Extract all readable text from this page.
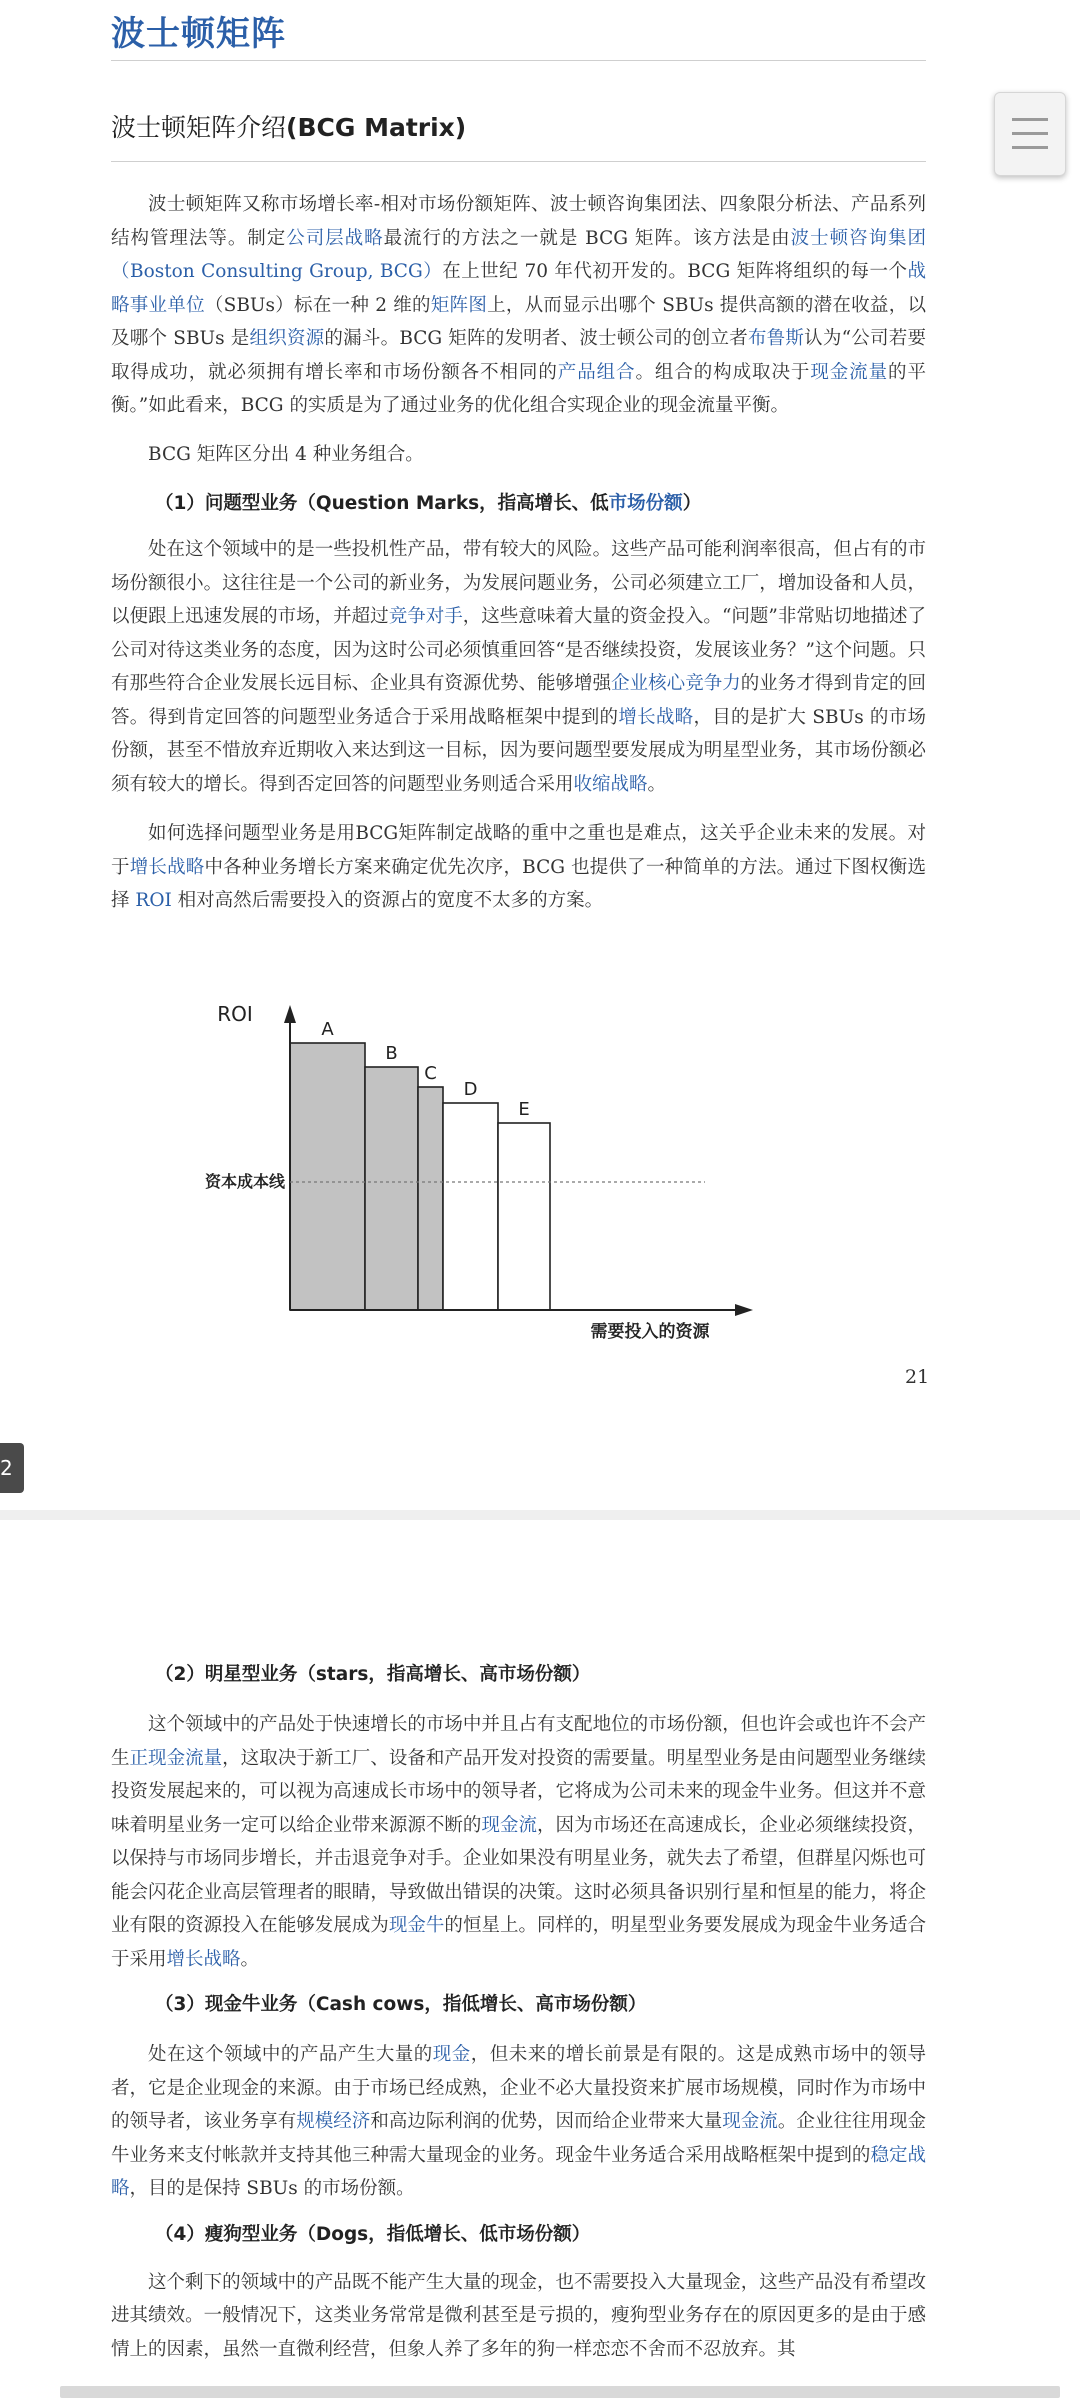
波士顿矩阵
波士顿矩阵介绍(BCG Matrix)

波士顿矩阵又称市场增长率-相对市场份额矩阵、波士顿咨询集团法、四象限分析法、产品系列结构管理法等。制定公司层战略最流行的方法之一就是 BCG 矩阵。该方法是由波士顿咨询集团（Boston Consulting Group, BCG）在上世纪 70 年代初开发的。BCG 矩阵将组织的每一个战略事业单位（SBUs）标在一种 2 维的矩阵图上，从而显示出哪个 SBUs 提供高额的潜在收益，以及哪个 SBUs 是组织资源的漏斗。BCG 矩阵的发明者、波士顿公司的创立者布鲁斯认为“公司若要取得成功，就必须拥有增长率和市场份额各不相同的产品组合。组合的构成取决于现金流量的平衡。”如此看来，BCG 的实质是为了通过业务的优化组合实现企业的现金流量平衡。

BCG 矩阵区分出 4 种业务组合。

（1）问题型业务（Question Marks，指高增长、低市场份额）

处在这个领域中的是一些投机性产品，带有较大的风险。这些产品可能利润率很高，但占有的市场份额很小。这往往是一个公司的新业务，为发展问题业务，公司必须建立工厂，增加设备和人员，以便跟上迅速发展的市场，并超过竞争对手，这些意味着大量的资金投入。“问题”非常贴切地描述了公司对待这类业务的态度，因为这时公司必须慎重回答“是否继续投资，发展该业务？”这个问题。只有那些符合企业发展长远目标、企业具有资源优势、能够增强企业核心竞争力的业务才得到肯定的回答。得到肯定回答的问题型业务适合于采用战略框架中提到的增长战略，目的是扩大 SBUs 的市场份额，甚至不惜放弃近期收入来达到这一目标，因为要问题型要发展成为明星型业务，其市场份额必须有较大的增长。得到否定回答的问题型业务则适合采用收缩战略。

如何选择问题型业务是用BCG矩阵制定战略的重中之重也是难点，这关乎企业未来的发展。对于增长战略中各种业务增长方案来确定优先次序，BCG 也提供了一种简单的方法。通过下图权衡选择 ROI 相对高然后需要投入的资源占的宽度不太多的方案。

A
B
C
D
E
ROI
资本成本线
需要投入的资源
21
2

（2）明星型业务（stars，指高增长、高市场份额）

这个领域中的产品处于快速增长的市场中并且占有支配地位的市场份额，但也许会或也许不会产生正现金流量，这取决于新工厂、设备和产品开发对投资的需要量。明星型业务是由问题型业务继续投资发展起来的，可以视为高速成长市场中的领导者，它将成为公司未来的现金牛业务。但这并不意味着明星业务一定可以给企业带来源源不断的现金流，因为市场还在高速成长，企业必须继续投资，以保持与市场同步增长，并击退竞争对手。企业如果没有明星业务，就失去了希望，但群星闪烁也可能会闪花企业高层管理者的眼睛，导致做出错误的决策。这时必须具备识别行星和恒星的能力，将企业有限的资源投入在能够发展成为现金牛的恒星上。同样的，明星型业务要发展成为现金牛业务适合于采用增长战略。

（3）现金牛业务（Cash cows，指低增长、高市场份额）

处在这个领域中的产品产生大量的现金，但未来的增长前景是有限的。这是成熟市场中的领导者，它是企业现金的来源。由于市场已经成熟，企业不必大量投资来扩展市场规模，同时作为市场中的领导者，该业务享有规模经济和高边际利润的优势，因而给企业带来大量现金流。企业往往用现金牛业务来支付帐款并支持其他三种需大量现金的业务。现金牛业务适合采用战略框架中提到的稳定战略，目的是保持 SBUs 的市场份额。

（4）瘦狗型业务（Dogs，指低增长、低市场份额）

这个剩下的领域中的产品既不能产生大量的现金，也不需要投入大量现金，这些产品没有希望改进其绩效。一般情况下，这类业务常常是微利甚至是亏损的，瘦狗型业务存在的原因更多的是由于感情上的因素，虽然一直微利经营，但象人养了多年的狗一样恋恋不舍而不忍放弃。其
